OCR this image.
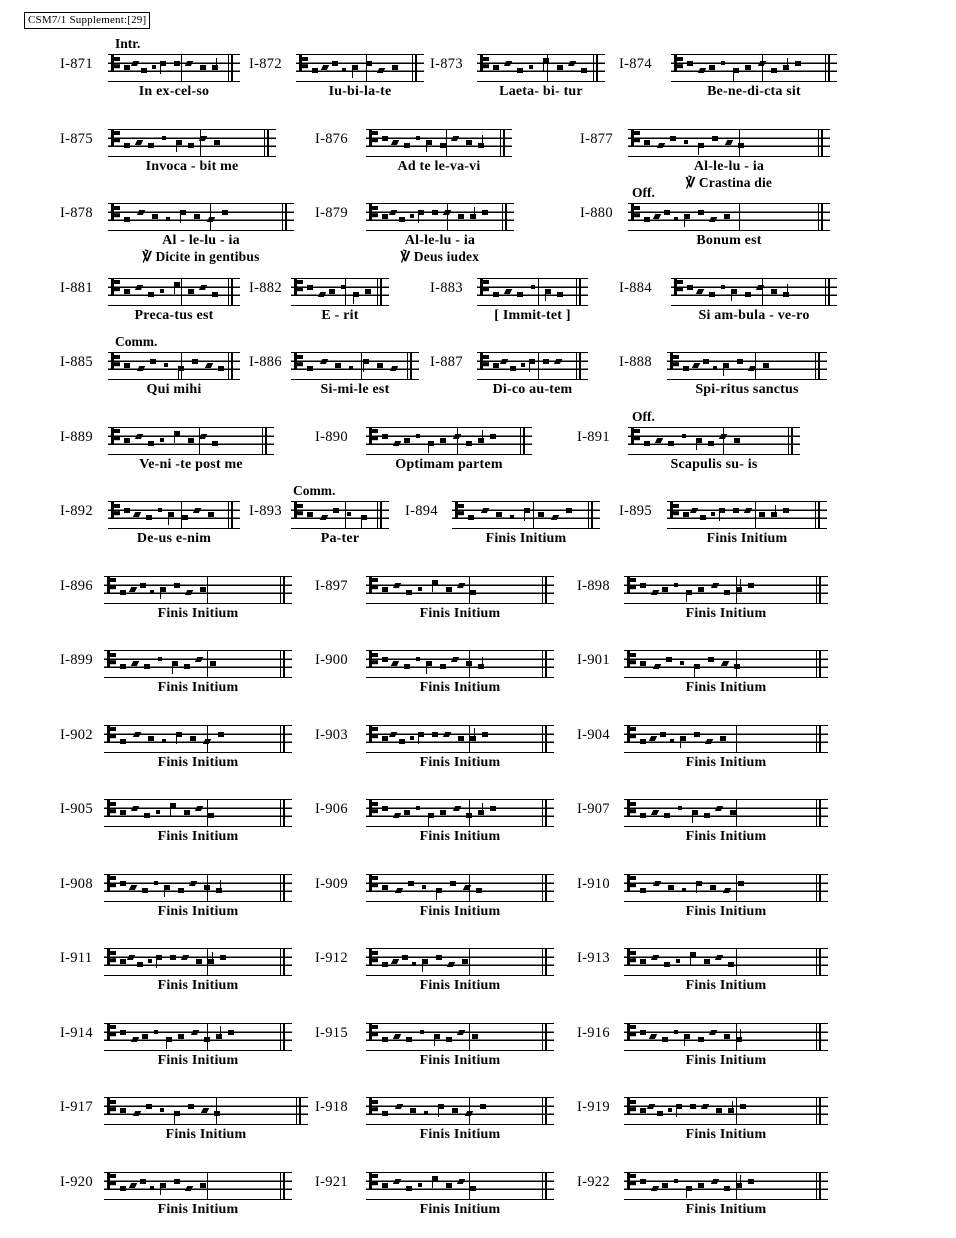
CSM7/1 Supplement:[29]
I-871
Intr.
In ex-cel-so
I-872
Iu-bi-la-te
I-873
Laeta- bi- tur
I-874
Be-ne-di-cta sit
I-875
Invoca - bit me
I-876
Ad te le-va-vi
I-877
Al-le-lu - ia
℣ Crastina die
I-878
Al - le-lu - ia
℣ Dicite in gentibus
I-879
Al-le-lu - ia
℣ Deus iudex
I-880
Off.
Bonum est
I-881
Preca-tus est
I-882
E - rit
I-883
[ Immit-tet ]
I-884
Si am-bula - ve-ro
I-885
Comm.
Qui mihi
I-886
Si-mi-le est
I-887
Di-co au-tem
I-888
Spi-ritus sanctus
I-889
Ve-ni -te post me
I-890
Optimam partem
I-891
Off.
Scapulis su- is
I-892
De-us e-nim
I-893
Comm.
Pa-ter
I-894
Finis Initium
I-895
Finis Initium
I-896
Finis Initium
I-897
Finis Initium
I-898
Finis Initium
I-899
Finis Initium
I-900
Finis Initium
I-901
Finis Initium
I-902
Finis Initium
I-903
Finis Initium
I-904
Finis Initium
I-905
Finis Initium
I-906
Finis Initium
I-907
Finis Initium
I-908
Finis Initium
I-909
Finis Initium
I-910
Finis Initium
I-911
Finis Initium
I-912
Finis Initium
I-913
Finis Initium
I-914
Finis Initium
I-915
Finis Initium
I-916
Finis Initium
I-917
Finis Initium
I-918
Finis Initium
I-919
Finis Initium
I-920
Finis Initium
I-921
Finis Initium
I-922
Finis Initium
